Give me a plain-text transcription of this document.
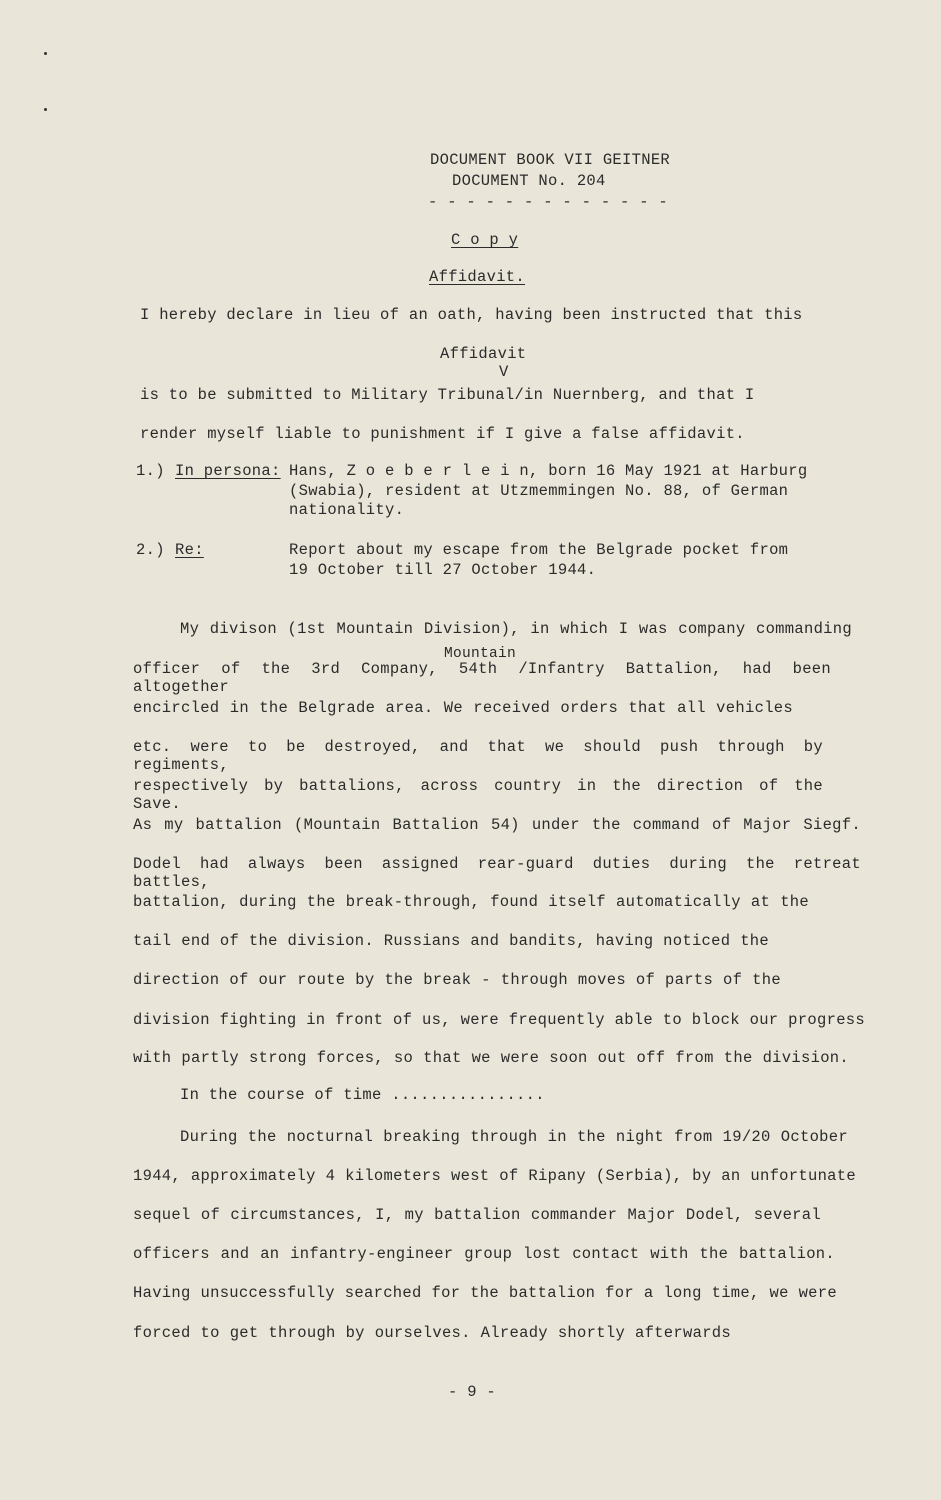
DOCUMENT BOOK VII GEITNER
DOCUMENT No. 204
- - - - - - - - - - - - -
C o p y
Affidavit.
I hereby declare in lieu of an oath, having been instructed that this
Affidavit
V
is to be submitted to Military Tribunal/in Nuernberg, and that I
render myself liable to punishment if I give a false affidavit.
1.) In persona: Hans, Z o e b e r l e i n, born 16 May 1921 at Harburg
(Swabia), resident at Utzmemmingen No. 88, of German
nationality.
2.) Re:	Report about my escape from the Belgrade pocket from
19 October till 27 October 1944.
My divison (1st Mountain Division), in which I was company commanding
Mountain
officer of the 3rd Company, 54th /Infantry Battalion, had been altogether
encircled in the Belgrade area. We received orders that all vehicles
etc. were to be destroyed, and that we should push through by regiments,
respectively by battalions, across country in the direction of the Save.
As my battalion (Mountain Battalion 54) under the command of Major Siegf.
Dodel had always been assigned rear-guard duties during the retreat battles,
battalion, during the break-through, found itself automatically at the
tail end of the division. Russians and bandits, having noticed the
direction of our route by the break - through moves of parts of the
division fighting in front of us, were frequently able to block our progress
with partly strong forces, so that we were soon out off from the division.
In the course of time ................
During the nocturnal breaking through in the night from 19/20 October
1944, approximately 4 kilometers west of Ripany (Serbia), by an unfortunate
sequel of circumstances, I, my battalion commander Major Dodel, several
officers and an infantry-engineer group lost contact with the battalion.
Having unsuccessfully searched for the battalion for a long time, we were
forced to get through by ourselves. Already shortly afterwards
- 9 -
